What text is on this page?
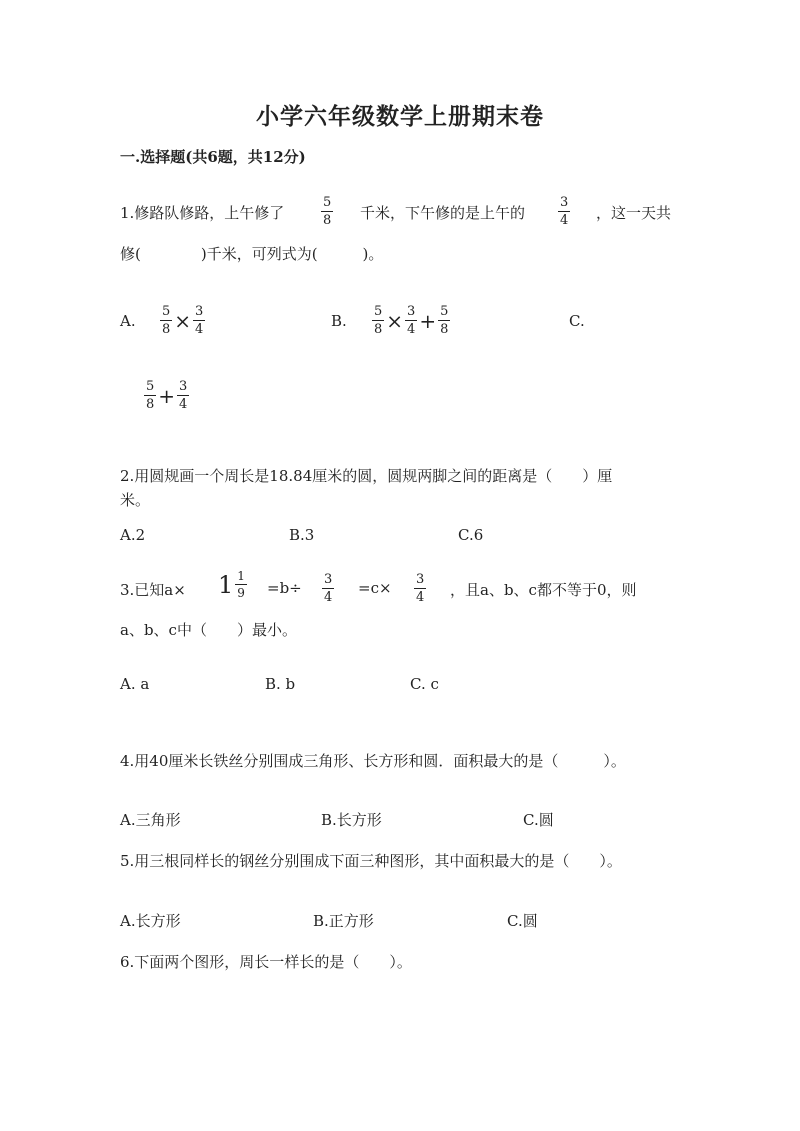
小学六年级数学上册期末卷
一.选择题(共6题，共12分)
1.修路队修路，上午修了	$\frac{5}{8}$ 千米，下午修的是上午的	$\frac{3}{4}$ ，这一天共
修(　　　　)千米，可列式为(　　　)。
A. $\frac{5}{8} \times \frac{3}{4}$	B. $\frac{5}{8} \times \frac{3}{4} + \frac{5}{8}$	C.
$\frac{5}{8} + \frac{3}{4}$
2.用圆规画一个周长是18.84厘米的圆，圆规两脚之间的距离是（　　）厘
米。
A.2	B.3	C.6
3.已知$a\times 1 \frac{1}{9} =b\div \frac{3}{4} =c\times \frac{3}{4}$ ，且a、b、c都不等于0，则
a、b、c中（　　）最小。
A. a	B. b	C. c
4.用40厘米长铁丝分别围成三角形、长方形和圆．面积最大的是（　　　）。
A.三角形	B.长方形	C.圆
5.用三根同样长的钢丝分别围成下面三种图形，其中面积最大的是（　　）。
A.长方形	B.正方形	C.圆
6.下面两个图形，周长一样长的是（　　）。
